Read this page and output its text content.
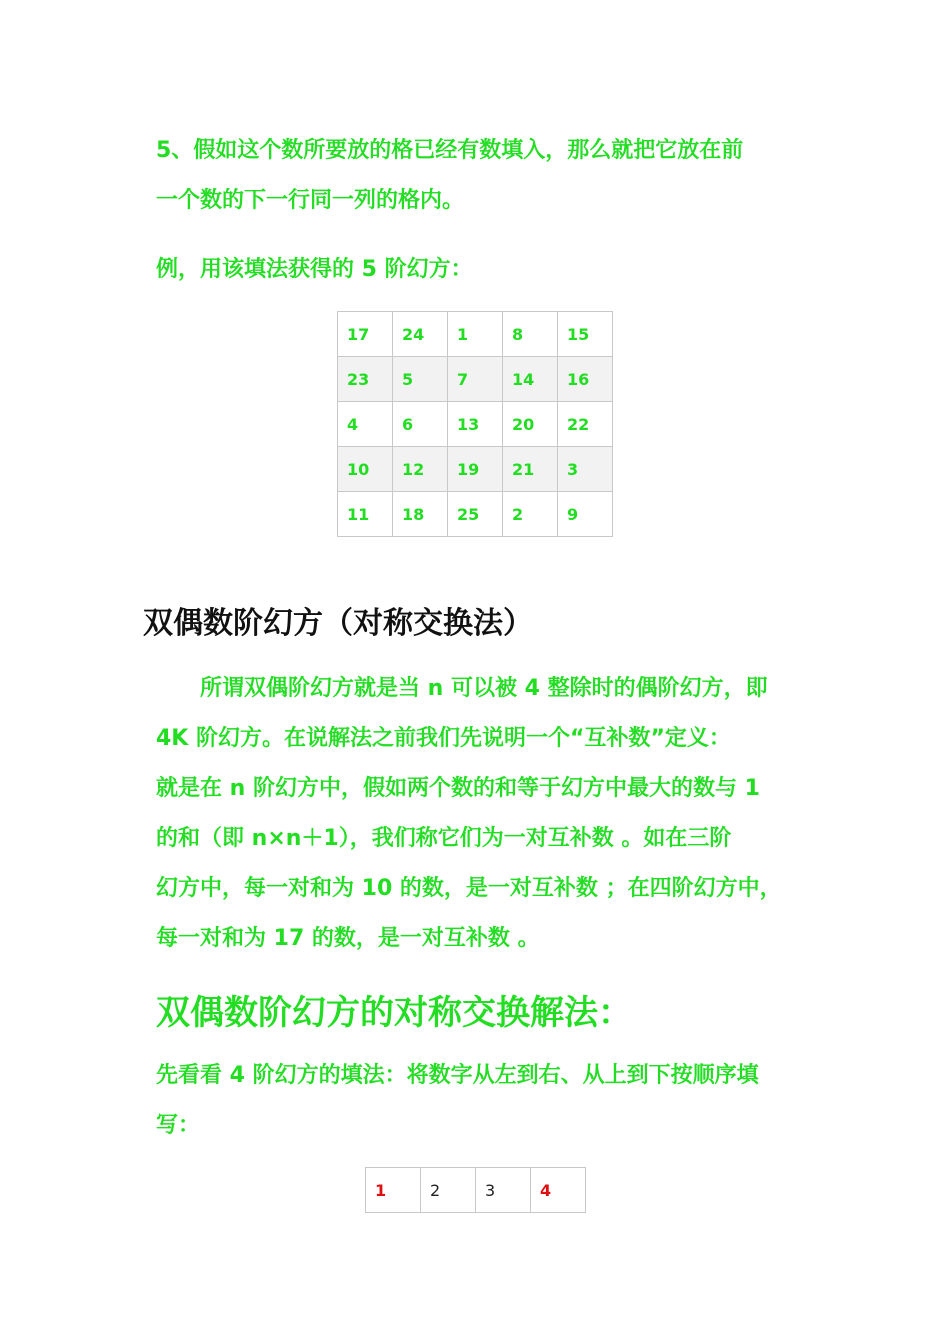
5、假如这个数所要放的格已经有数填入，那么就把它放在前
一个数的下一行同一列的格内。
例，用该填法获得的 5 阶幻方：
17	24	1	8	15
23	5	7	14	16
4	6	13	20	22
10	12	19	21	3
11	18	25	2	9
双偶数阶幻方（对称交换法）
所谓双偶阶幻方就是当 n 可以被 4 整除时的偶阶幻方，即
4K 阶幻方。在说解法之前我们先说明一个“互补数”定义：
就是在 n 阶幻方中，假如两个数的和等于幻方中最大的数与 1
的和（即 n×n＋1），我们称它们为一对互补数 。如在三阶
幻方中，每一对和为 10 的数，是一对互补数 ；在四阶幻方中，
每一对和为 17 的数，是一对互补数 。
双偶数阶幻方的对称交换解法：
先看看 4 阶幻方的填法：将数字从左到右、从上到下按顺序填
写：
1	2	3	4
